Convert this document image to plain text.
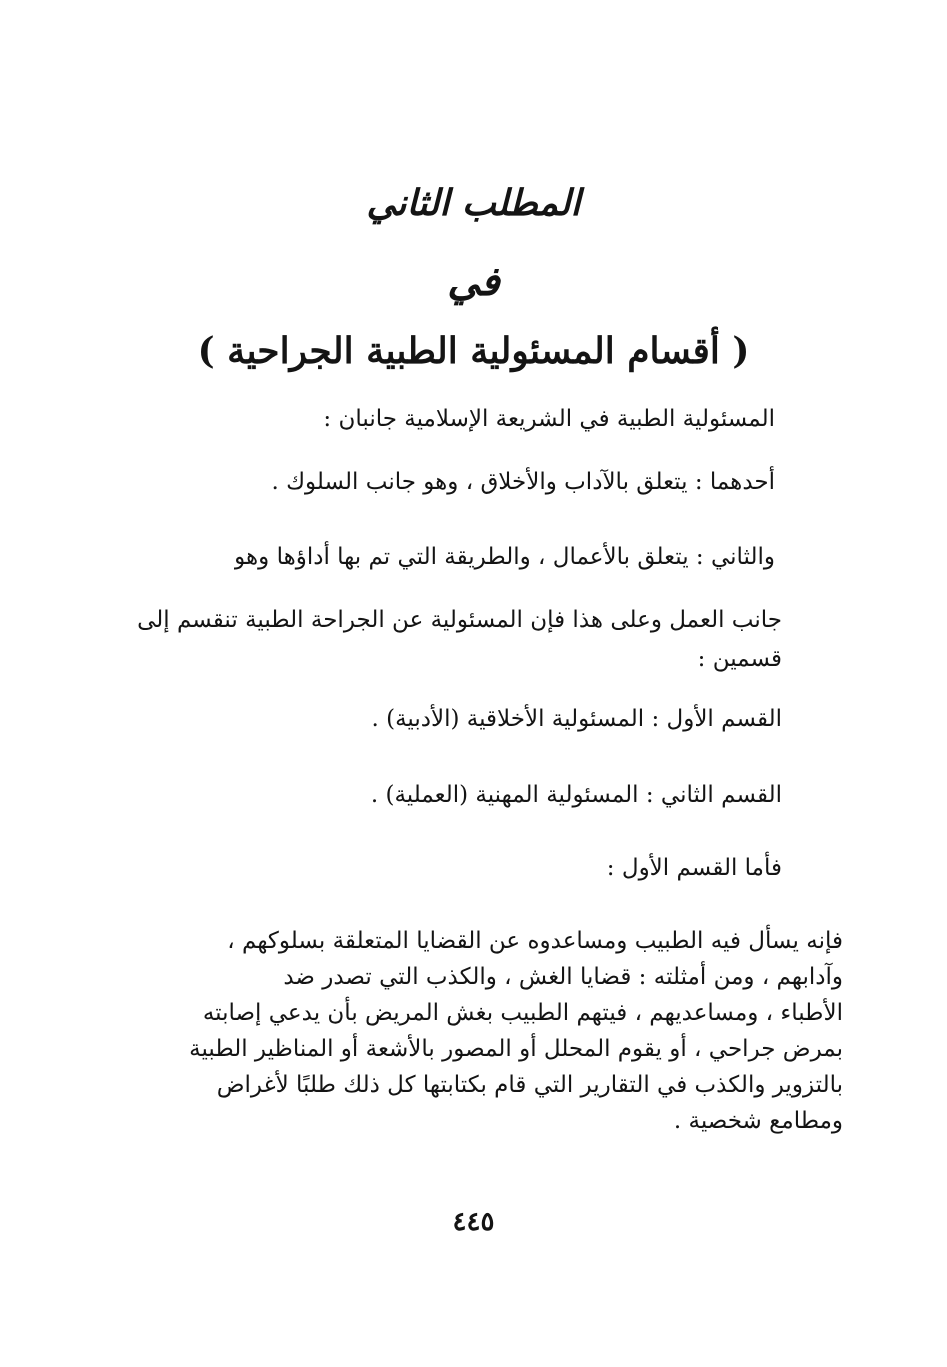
المطلب الثاني
في
( أقسام المسئولية الطبية الجراحية )

المسئولية الطبية في الشريعة الإسلامية جانبان :

أحدهما : يتعلق بالآداب والأخلاق ، وهو جانب السلوك .

والثاني : يتعلق بالأعمال ، والطريقة التي تم بها أداؤها وهو

جانب العمل وعلى هذا فإن المسئولية عن الجراحة الطبية تنقسم إلى

قسمين :

القسم الأول : المسئولية الأخلاقية (الأدبية) .

القسم الثاني : المسئولية المهنية (العملية) .

فأما القسم الأول :

فإنه يسأل فيه الطبيب ومساعدوه عن القضايا المتعلقة بسلوكهم ،
وآدابهم ، ومن أمثلته : قضايا الغش ، والكذب التي تصدر ضد
الأطباء ، ومساعديهم ، فيتهم الطبيب بغش المريض بأن يدعي إصابته
بمرض جراحي ، أو يقوم المحلل أو المصور بالأشعة أو المناظير الطبية
بالتزوير والكذب في التقارير التي قام بكتابتها كل ذلك طلبًا لأغراض
ومطامع شخصية .

٤٤٥
